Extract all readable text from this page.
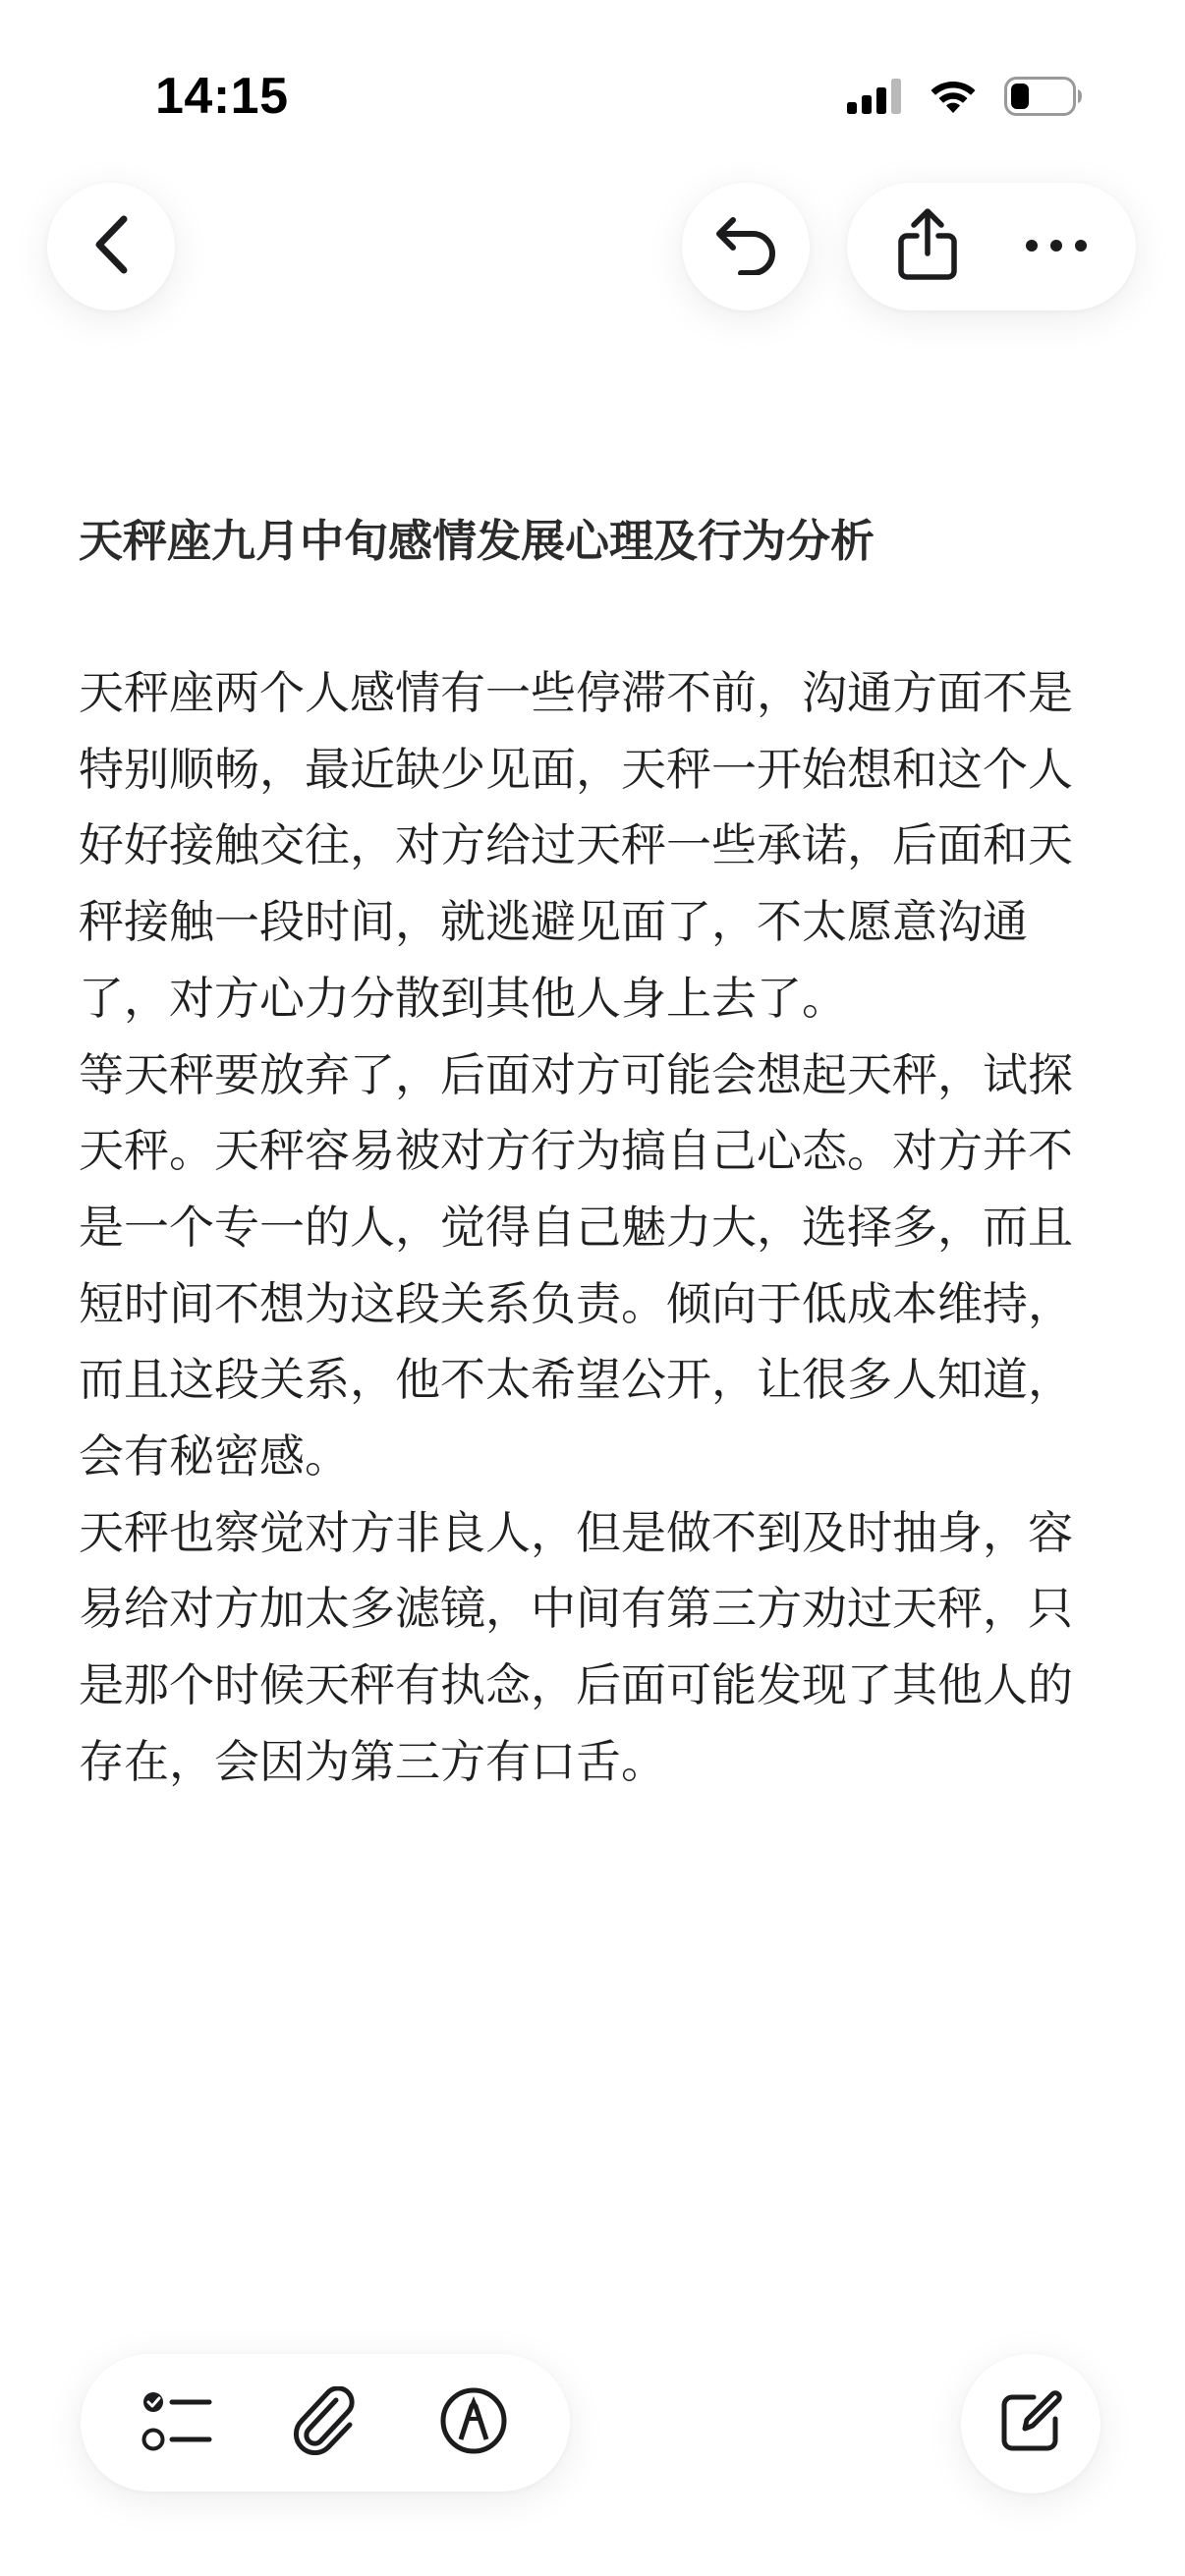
14:15
天秤座九月中旬感情发展心理及行为分析

天秤座两个人感情有一些停滞不前，沟通方面不是特别顺畅，最近缺少见面，天秤一开始想和这个人好好接触交往，对方给过天秤一些承诺，后面和天秤接触一段时间，就逃避见面了，不太愿意沟通了，对方心力分散到其他人身上去了。

等天秤要放弃了，后面对方可能会想起天秤，试探天秤。天秤容易被对方行为搞自己心态。对方并不是一个专一的人，觉得自己魅力大，选择多，而且短时间不想为这段关系负责。倾向于低成本维持，而且这段关系，他不太希望公开，让很多人知道，会有秘密感。

天秤也察觉对方非良人，但是做不到及时抽身，容易给对方加太多滤镜，中间有第三方劝过天秤，只是那个时候天秤有执念，后面可能发现了其他人的存在，会因为第三方有口舌。
